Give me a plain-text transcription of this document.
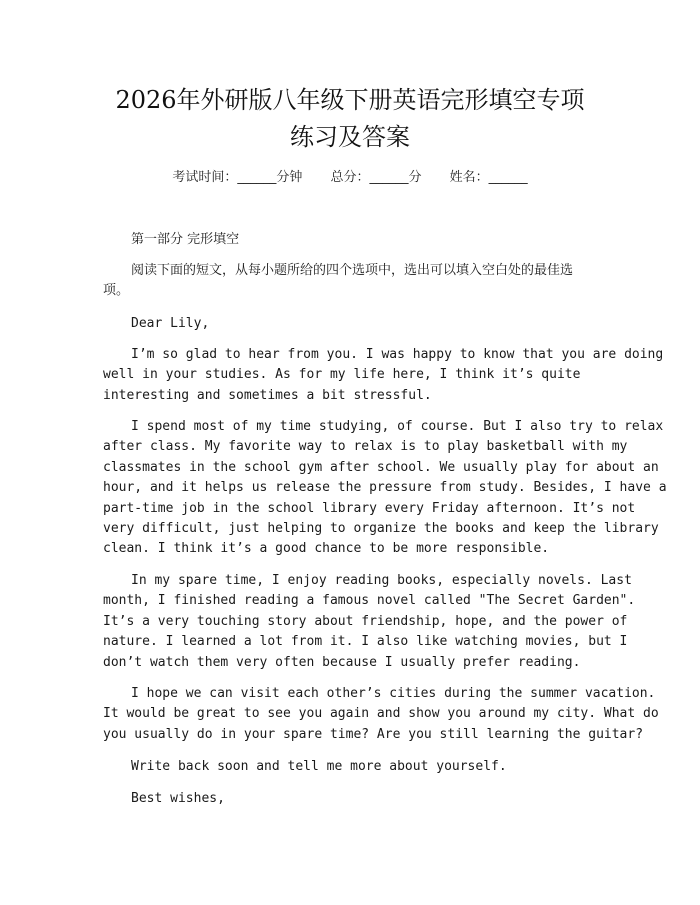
2026年外研版八年级下册英语完形填空专项
练习及答案
考试时间：______分钟 总分：______分 姓名：______
第一部分 完形填空
阅读下面的短文，从每小题所给的四个选项中，选出可以填入空白处的最佳选
项。
Dear Lily,
I’m so glad to hear from you. I was happy to know that you are doing
well in your studies. As for my life here, I think it’s quite
interesting and sometimes a bit stressful.
I spend most of my time studying, of course. But I also try to relax
after class. My favorite way to relax is to play basketball with my
classmates in the school gym after school. We usually play for about an
hour, and it helps us release the pressure from study. Besides, I have a
part-time job in the school library every Friday afternoon. It’s not
very difficult, just helping to organize the books and keep the library
clean. I think it’s a good chance to be more responsible.
In my spare time, I enjoy reading books, especially novels. Last
month, I finished reading a famous novel called "The Secret Garden".
It’s a very touching story about friendship, hope, and the power of
nature. I learned a lot from it. I also like watching movies, but I
don’t watch them very often because I usually prefer reading.
I hope we can visit each other’s cities during the summer vacation.
It would be great to see you again and show you around my city. What do
you usually do in your spare time? Are you still learning the guitar?
Write back soon and tell me more about yourself.
Best wishes,
